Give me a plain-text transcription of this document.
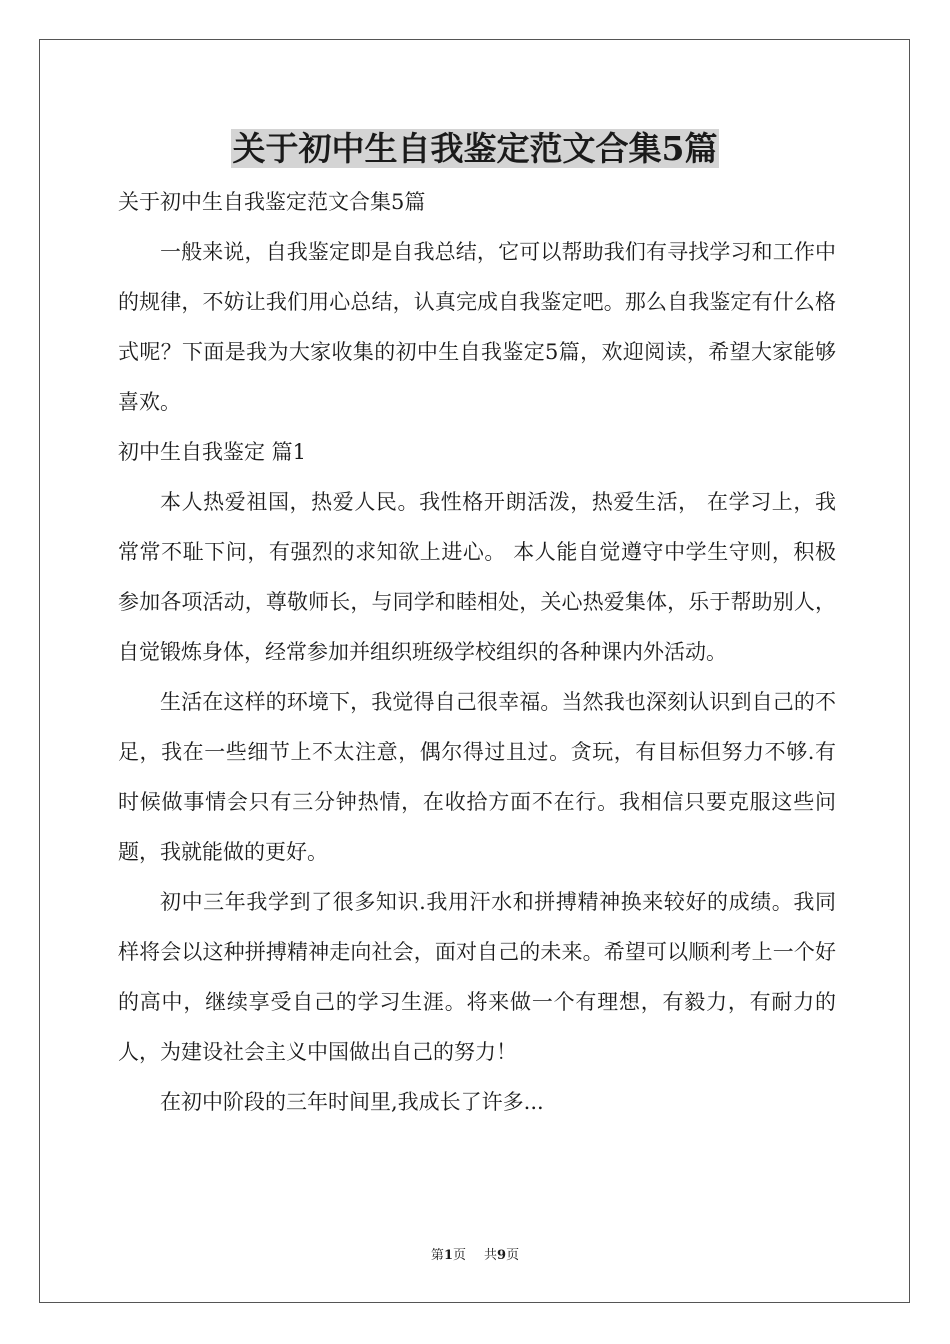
关于初中生自我鉴定范文合集5篇

关于初中生自我鉴定范文合集5篇

一般来说，自我鉴定即是自我总结，它可以帮助我们有寻找学习和工作中的规律，不妨让我们用心总结，认真完成自我鉴定吧。那么自我鉴定有什么格式呢？下面是我为大家收集的初中生自我鉴定5篇，欢迎阅读，希望大家能够喜欢。

初中生自我鉴定 篇1

本人热爱祖国，热爱人民。我性格开朗活泼，热爱生活， 在学习上，我常常不耻下问，有强烈的求知欲上进心。 本人能自觉遵守中学生守则，积极参加各项活动，尊敬师长，与同学和睦相处，关心热爱集体，乐于帮助别人，自觉锻炼身体，经常参加并组织班级学校组织的各种课内外活动。

生活在这样的环境下，我觉得自己很幸福。当然我也深刻认识到自己的不足，我在一些细节上不太注意，偶尔得过且过。贪玩，有目标但努力不够.有时候做事情会只有三分钟热情，在收拾方面不在行。我相信只要克服这些问题，我就能做的更好。

初中三年我学到了很多知识.我用汗水和拼搏精神换来较好的成绩。我同样将会以这种拼搏精神走向社会，面对自己的未来。希望可以顺利考上一个好的高中，继续享受自己的学习生涯。将来做一个有理想，有毅力，有耐力的人，为建设社会主义中国做出自己的努力！

在初中阶段的三年时间里,我成长了许多...

第1页 共9页
